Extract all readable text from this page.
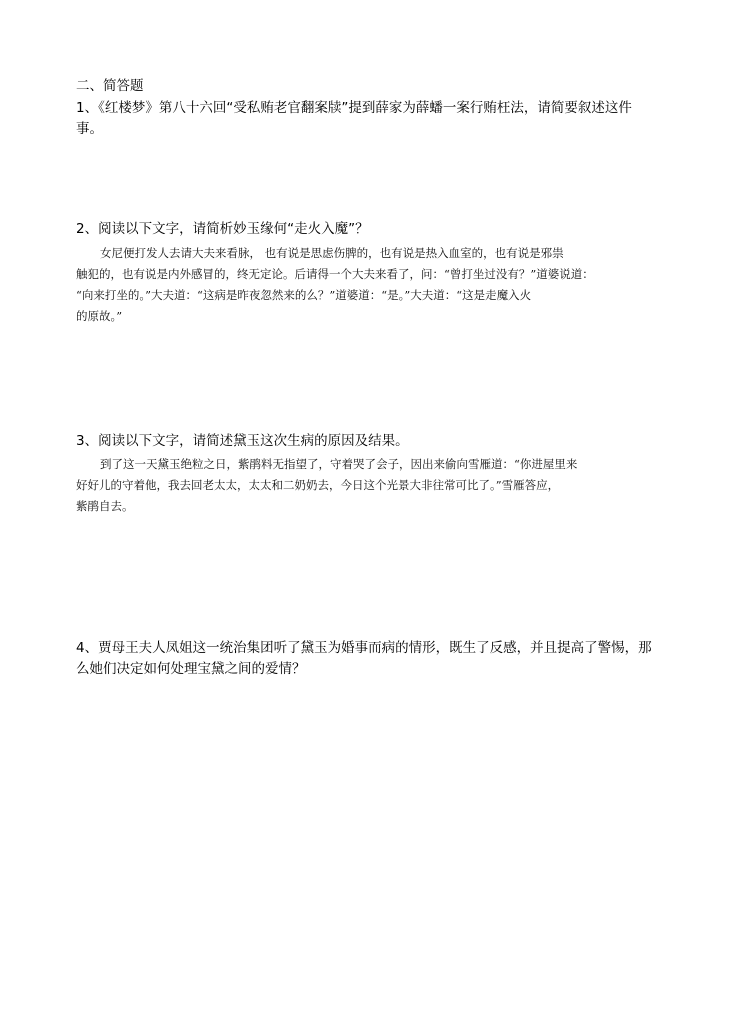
二、简答题
1、《红楼梦》第八十六回“受私贿老官翻案牍”提到薛家为薛蟠一案行贿枉法，请简要叙述这件
事。
2、阅读以下文字，请简析妙玉缘何“走火入魔”？
女尼便打发人去请大夫来看脉， 也有说是思虑伤脾的，也有说是热入血室的，也有说是邪祟
触犯的，也有说是内外感冒的，终无定论。后请得一个大夫来看了，问：“曾打坐过没有？”道婆说道：
“向来打坐的。”大夫道：“这病是昨夜忽然来的么？”道婆道：“是。”大夫道：“这是走魔入火
的原故。”
3、阅读以下文字，请简述黛玉这次生病的原因及结果。
到了这一天黛玉绝粒之日，紫鹃料无指望了，守着哭了会子，因出来偷向雪雁道：“你进屋里来
好好儿的守着他，我去回老太太，太太和二奶奶去，今日这个光景大非往常可比了。”雪雁答应，
紫鹃自去。
4、贾母王夫人凤姐这一统治集团听了黛玉为婚事而病的情形，既生了反感，并且提高了警惕，那
么她们决定如何处理宝黛之间的爱情？
